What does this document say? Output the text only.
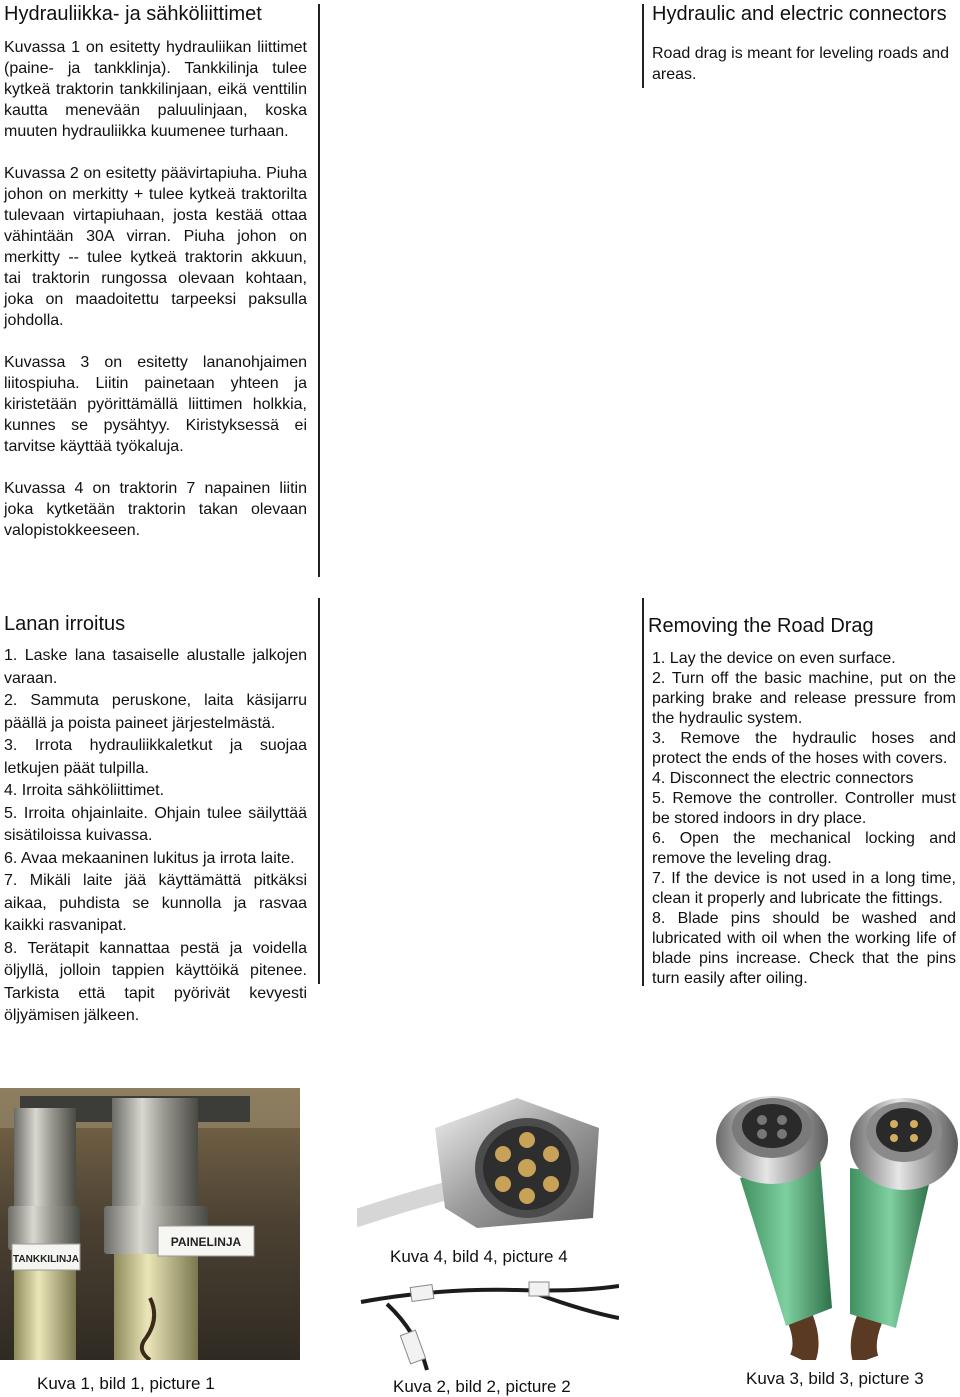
Hydrauliikka- ja sähköliittimet

Kuvassa 1 on esitetty hydrauliikan liittimet (paine- ja tankklinja). Tankkilinja tulee kytkeä traktorin tankkilinjaan, eikä venttilin kautta menevään paluulinjaan, koska muuten hydrauliikka kuumenee turhaan.

Kuvassa 2 on esitetty päävirtapiuha. Piuha johon on merkitty + tulee kytkeä traktorilta tulevaan virtapiuhaan, josta kestää ottaa vähintään 30A virran. Piuha johon on merkitty -- tulee kytkeä traktorin akkuun, tai traktorin rungossa olevaan kohtaan, joka on maadoitettu tarpeeksi paksulla johdolla.

Kuvassa 3 on esitetty lananohjaimen liitospiuha. Liitin painetaan yhteen ja kiristetään pyörittämällä liittimen holkkia, kunnes se pysähtyy. Kiristyksessä ei tarvitse käyttää työkaluja.

Kuvassa 4 on traktorin 7 napainen liitin joka kytketään traktorin takan olevaan valopistokkeeseen.

Hydraulic and electric connectors
Road drag is meant for leveling roads and areas.
Lanan irroitus

1. Laske lana tasaiselle alustalle jalkojen varaan.

2. Sammuta peruskone, laita käsijarru päällä ja poista paineet järjestelmästä.

3. Irrota hydrauliikkaletkut ja suojaa letkujen päät tulpilla.

4. Irroita sähköliittimet.

5. Irroita ohjainlaite. Ohjain tulee säilyttää sisätiloissa kuivassa.

6. Avaa mekaaninen lukitus ja irrota laite.

7. Mikäli laite jää käyttämättä pitkäksi aikaa, puhdista se kunnolla ja rasvaa kaikki rasvanipat.

8. Terätapit kannattaa pestä ja voidella öljyllä, jolloin tappien käyttöikä pitenee. Tarkista että tapit pyörivät kevyesti öljyämisen jälkeen.

Removing the Road Drag

1. Lay the device on even surface.

2. Turn off the basic machine, put on the parking brake and release pressure from the hydraulic system.

3. Remove the hydraulic hoses and protect the ends of the hoses with covers.

4. Disconnect the electric connectors

5. Remove the controller. Controller must be stored indoors in dry place.

6. Open the mechanical locking and remove the leveling drag.

7. If the device is not used in a long time, clean it properly and lubricate the fittings.

8. Blade pins should be washed and lubricated with oil when the working life of blade pins increase. Check that the pins turn easily after oiling.

TANKKILINJA
PAINELINJA
Kuva 1, bild 1, picture 1
Kuva 4, bild 4, picture 4
Kuva 2, bild 2, picture 2	Kuva 3, bild 3, picture 3
